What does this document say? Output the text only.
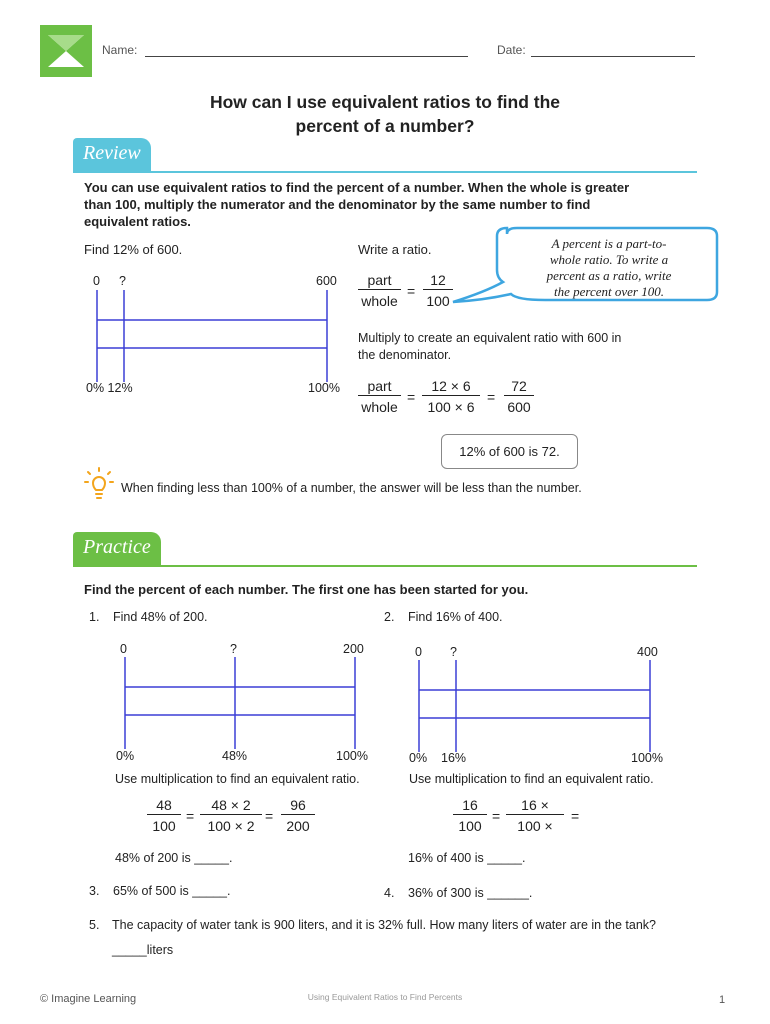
Name:	Date:
How can I use equivalent ratios to find the
percent of a number?
Review
You can use equivalent ratios to find the percent of a number. When the whole is greater
than 100, multiply the numerator and the denominator by the same number to find
equivalent ratios.
Find 12% of 600.
0 ?	600
0% 12%	100%
Write a ratio.
part
whole
= $\frac{12}{100}$
A percent is a part-to-
whole ratio. To write a
percent as a ratio, write
the percent over 100.
Multiply to create an equivalent ratio with 600 in
the denominator.
part
whole
= $\frac{12 \times 6}{100 \times 6} = \frac{72}{600}$
12% of 600 is 72.
When finding less than 100% of a number, the answer will be less than the number.
Practice
Find the percent of each number. The first one has been started for you.
1. Find 48% of 200.
0	?	200
0%	48%	100%
Use multiplication to find an equivalent ratio.
$\frac{48}{100} = \frac{48 \times 2}{100 \times 2} = \frac{96}{200}$
48% of 200 is _____.
2. Find 16% of 400.
0 ?	400
0% 16%	100%
Use multiplication to find an equivalent ratio.
$\frac{16}{100} = \frac{16 \times}{100 \times}$ =
16% of 400 is _____.
3. 65% of 500 is _____.	4. 36% of 300 is ______.
5. The capacity of water tank is 900 liters, and it is 32% full. How many liters of water are in the tank?
_____liters
© Imagine Learning	Using Equivalent Ratios to Find Percents	1
